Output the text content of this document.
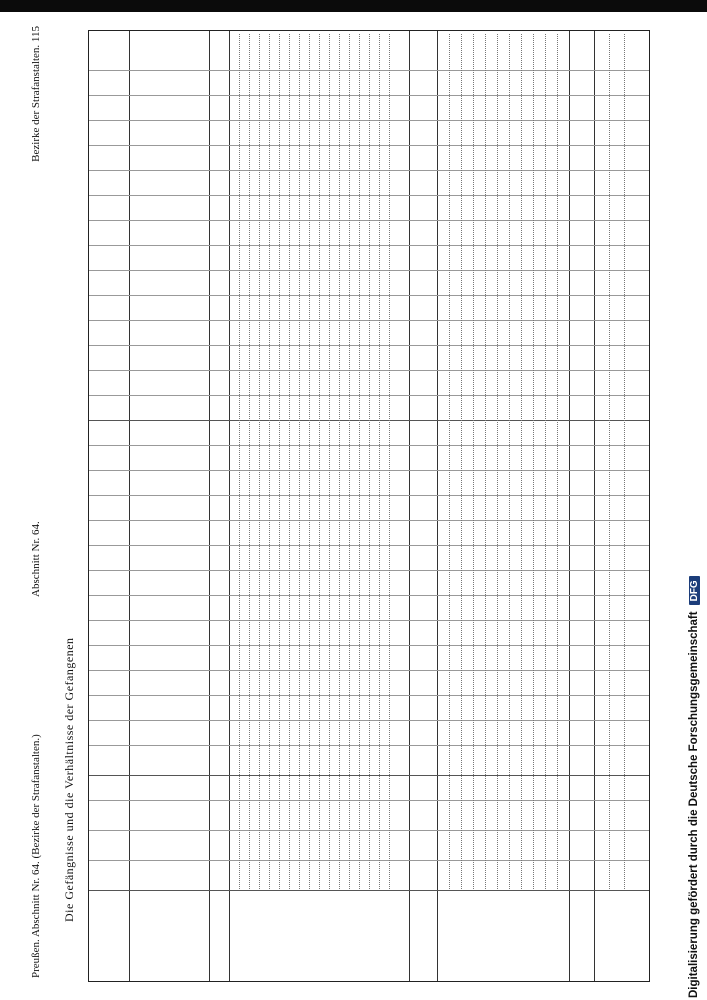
Preußen. Abschnitt Nr. 64. (Bezirke der Strafanstalten.)
Abschnitt Nr. 64.
Bezirke der Strafanstalten. 115
Die Gefängnisse und die Verhältnisse der Gefangenen	Digitalisierung gefördert durch die Deutsche Forschungsgemeinschaft
DFG
